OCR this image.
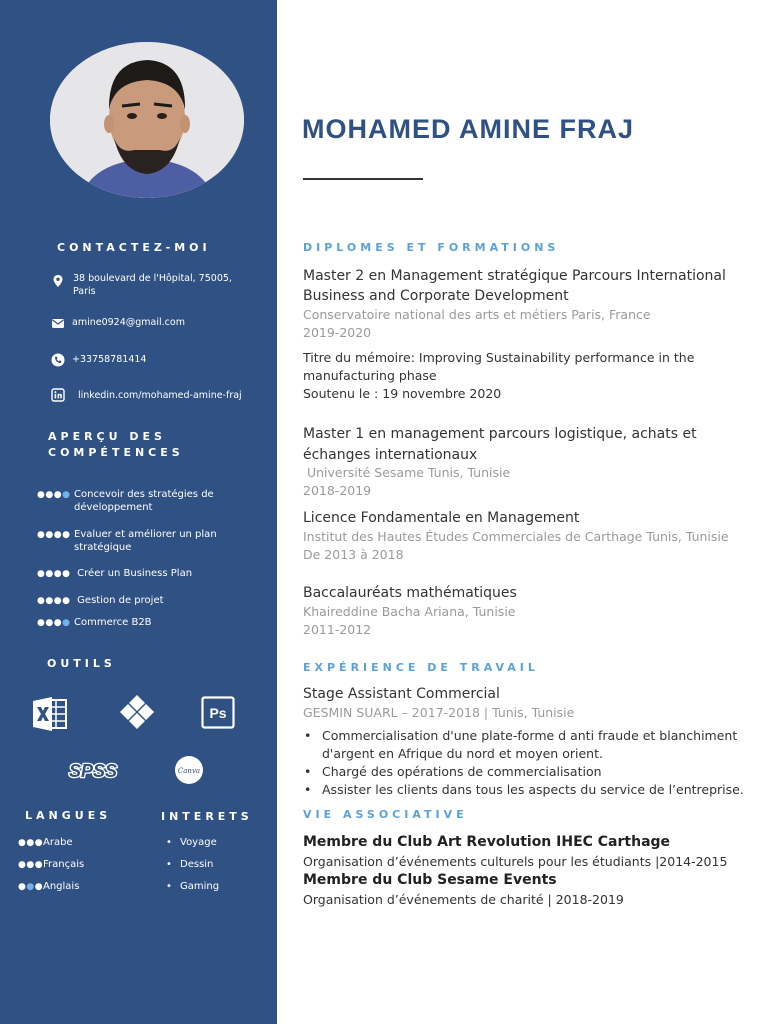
CONTACTEZ-MOI
38 boulevard de l'Hôpital, 75005,
Paris
amine0924@gmail.com
+33758781414
linkedin.com/mohamed-amine-fraj
APERÇU DES
COMPÉTENCES
●●●● Concevoir des stratégies de
développement
●●●● Evaluer et améliorer un plan
stratégique
●●●● Créer un Business Plan
●●●● Gestion de projet
●●●● Commerce B2B
OUTILS
Ps
SPSS	Canva
LANGUES	INTERETS
●●● Arabe
●●● Français
●●● Anglais
• Voyage
• Dessin
• Gaming
MOHAMED AMINE FRAJ
DIPLOMES ET FORMATIONS
Master 2 en Management stratégique Parcours International
Business and Corporate Development
Conservatoire national des arts et métiers Paris, France
2019-2020
Titre du mémoire: Improving Sustainability performance in the
manufacturing phase
Soutenu le : 19 novembre 2020
Master 1 en management parcours logistique, achats et
échanges internationaux
Université Sesame Tunis, Tunisie
2018-2019
Licence Fondamentale en Management
Institut des Hautes Études Commerciales de Carthage Tunis, Tunisie
De 2013 à 2018
Baccalauréats mathématiques
Khaireddine Bacha Ariana, Tunisie
2011-2012
EXPÉRIENCE DE TRAVAIL
Stage Assistant Commercial
GESMIN SUARL – 2017-2018 | Tunis, Tunisie
• Commercialisation d'une plate-forme d anti fraude et blanchiment
d'argent en Afrique du nord et moyen orient.
• Chargé des opérations de commercialisation
• Assister les clients dans tous les aspects du service de l’entreprise.
VIE ASSOCIATIVE
Membre du Club Art Revolution IHEC Carthage
Organisation d’événements culturels pour les étudiants |2014-2015
Membre du Club Sesame Events
Organisation d’événements de charité | 2018-2019
